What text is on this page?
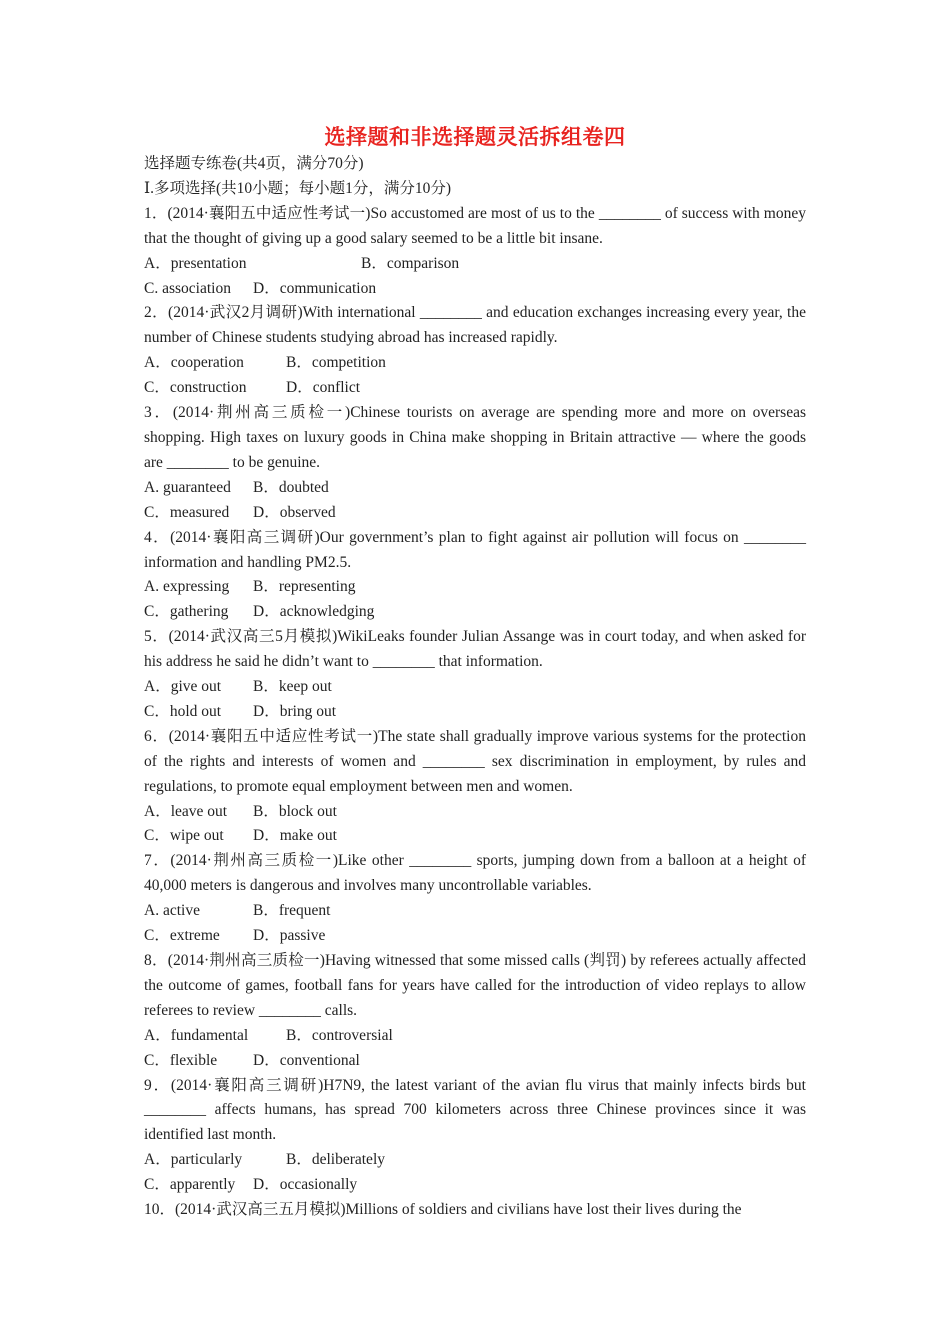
选择题和非选择题灵活拆组卷四
选择题专练卷(共4页，满分70分)
Ⅰ.多项选择(共10小题；每小题1分，满分10分)
1．(2014·襄阳五中适应性考试一)So accustomed are most of us to the ________ of success with money that the thought of giving up a good salary seemed to be a little bit insane.
A．presentation	B．comparison
C. association D．communication
2．(2014·武汉2月调研)With international ________ and education exchanges increasing every year, the number of Chinese students studying abroad has increased rapidly.
A．cooperation	B．competition
C．construction	D．conflict
3．(2014·荆州高三质检一)Chinese tourists on average are spending more and more on overseas shopping. High taxes on luxury goods in China make shopping in Britain attractive — where the goods are ________ to be genuine.
A. guaranteed B．doubted
C．measured D．observed
4．(2014·襄阳高三调研)Our government’s plan to fight against air pollution will focus on ________ information and handling PM2.5.
A. expressing B．representing
C．gathering D．acknowledging
5．(2014·武汉高三5月模拟)WikiLeaks founder Julian Assange was in court today, and when asked for his address he said he didn’t want to ________ that information.
A．give out B．keep out
C．hold out D．bring out
6．(2014·襄阳五中适应性考试一)The state shall gradually improve various systems for the protection of the rights and interests of women and ________ sex discrimination in employment, by rules and regulations, to promote equal employment between men and women.
A．leave out B．block out
C．wipe out D．make out
7．(2014·荆州高三质检一)Like other ________ sports, jumping down from a balloon at a height of 40,000 meters is dangerous and involves many uncontrollable variables.
A. active	B．frequent
C．extreme D．passive
8．(2014·荆州高三质检一)Having witnessed that some missed calls (判罚) by referees actually affected the outcome of games, football fans for years have called for the introduction of video replays to allow referees to review ________ calls.
A．fundamental B．controversial
C．flexible D．conventional
9．(2014·襄阳高三调研)H7N9, the latest variant of the avian flu virus that mainly infects birds but ________ affects humans, has spread 700 kilometers across three Chinese provinces since it was identified last month.
A．particularly	B．deliberately
C．apparently D．occasionally
10．(2014·武汉高三五月模拟)Millions of soldiers and civilians have lost their lives during the
